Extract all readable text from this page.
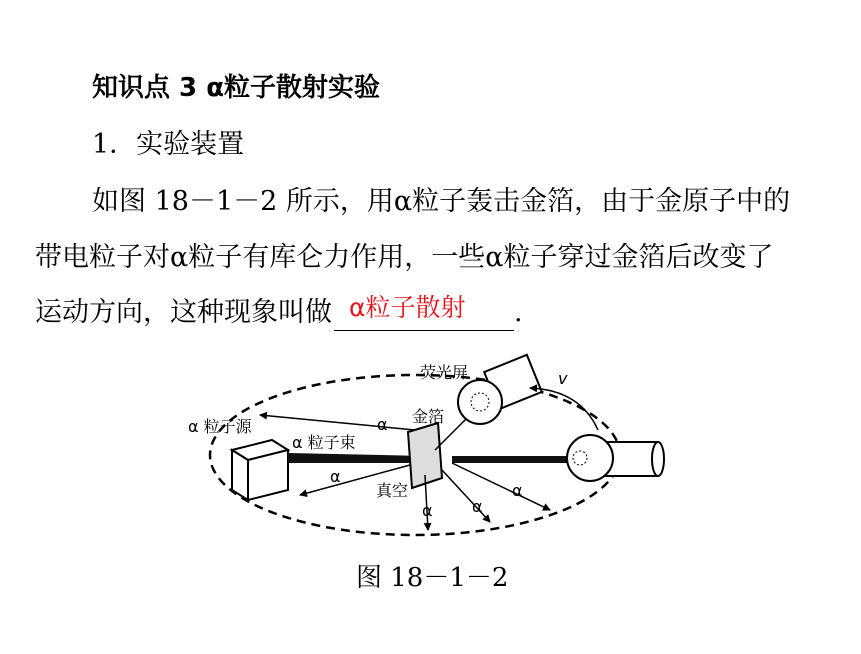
知识点 3 α粒子散射实验
1．实验装置
如图 18－1－2 所示，用α粒子轰击金箔，由于金原子中的
带电粒子对α粒子有库仑力作用，一些α粒子穿过金箔后改变了
运动方向，这种现象叫做 α粒子散射 .
α 粒子源
α 粒子束
荧光屏
金箔
真空
v
α
α
α α
α
图 18－1－2
